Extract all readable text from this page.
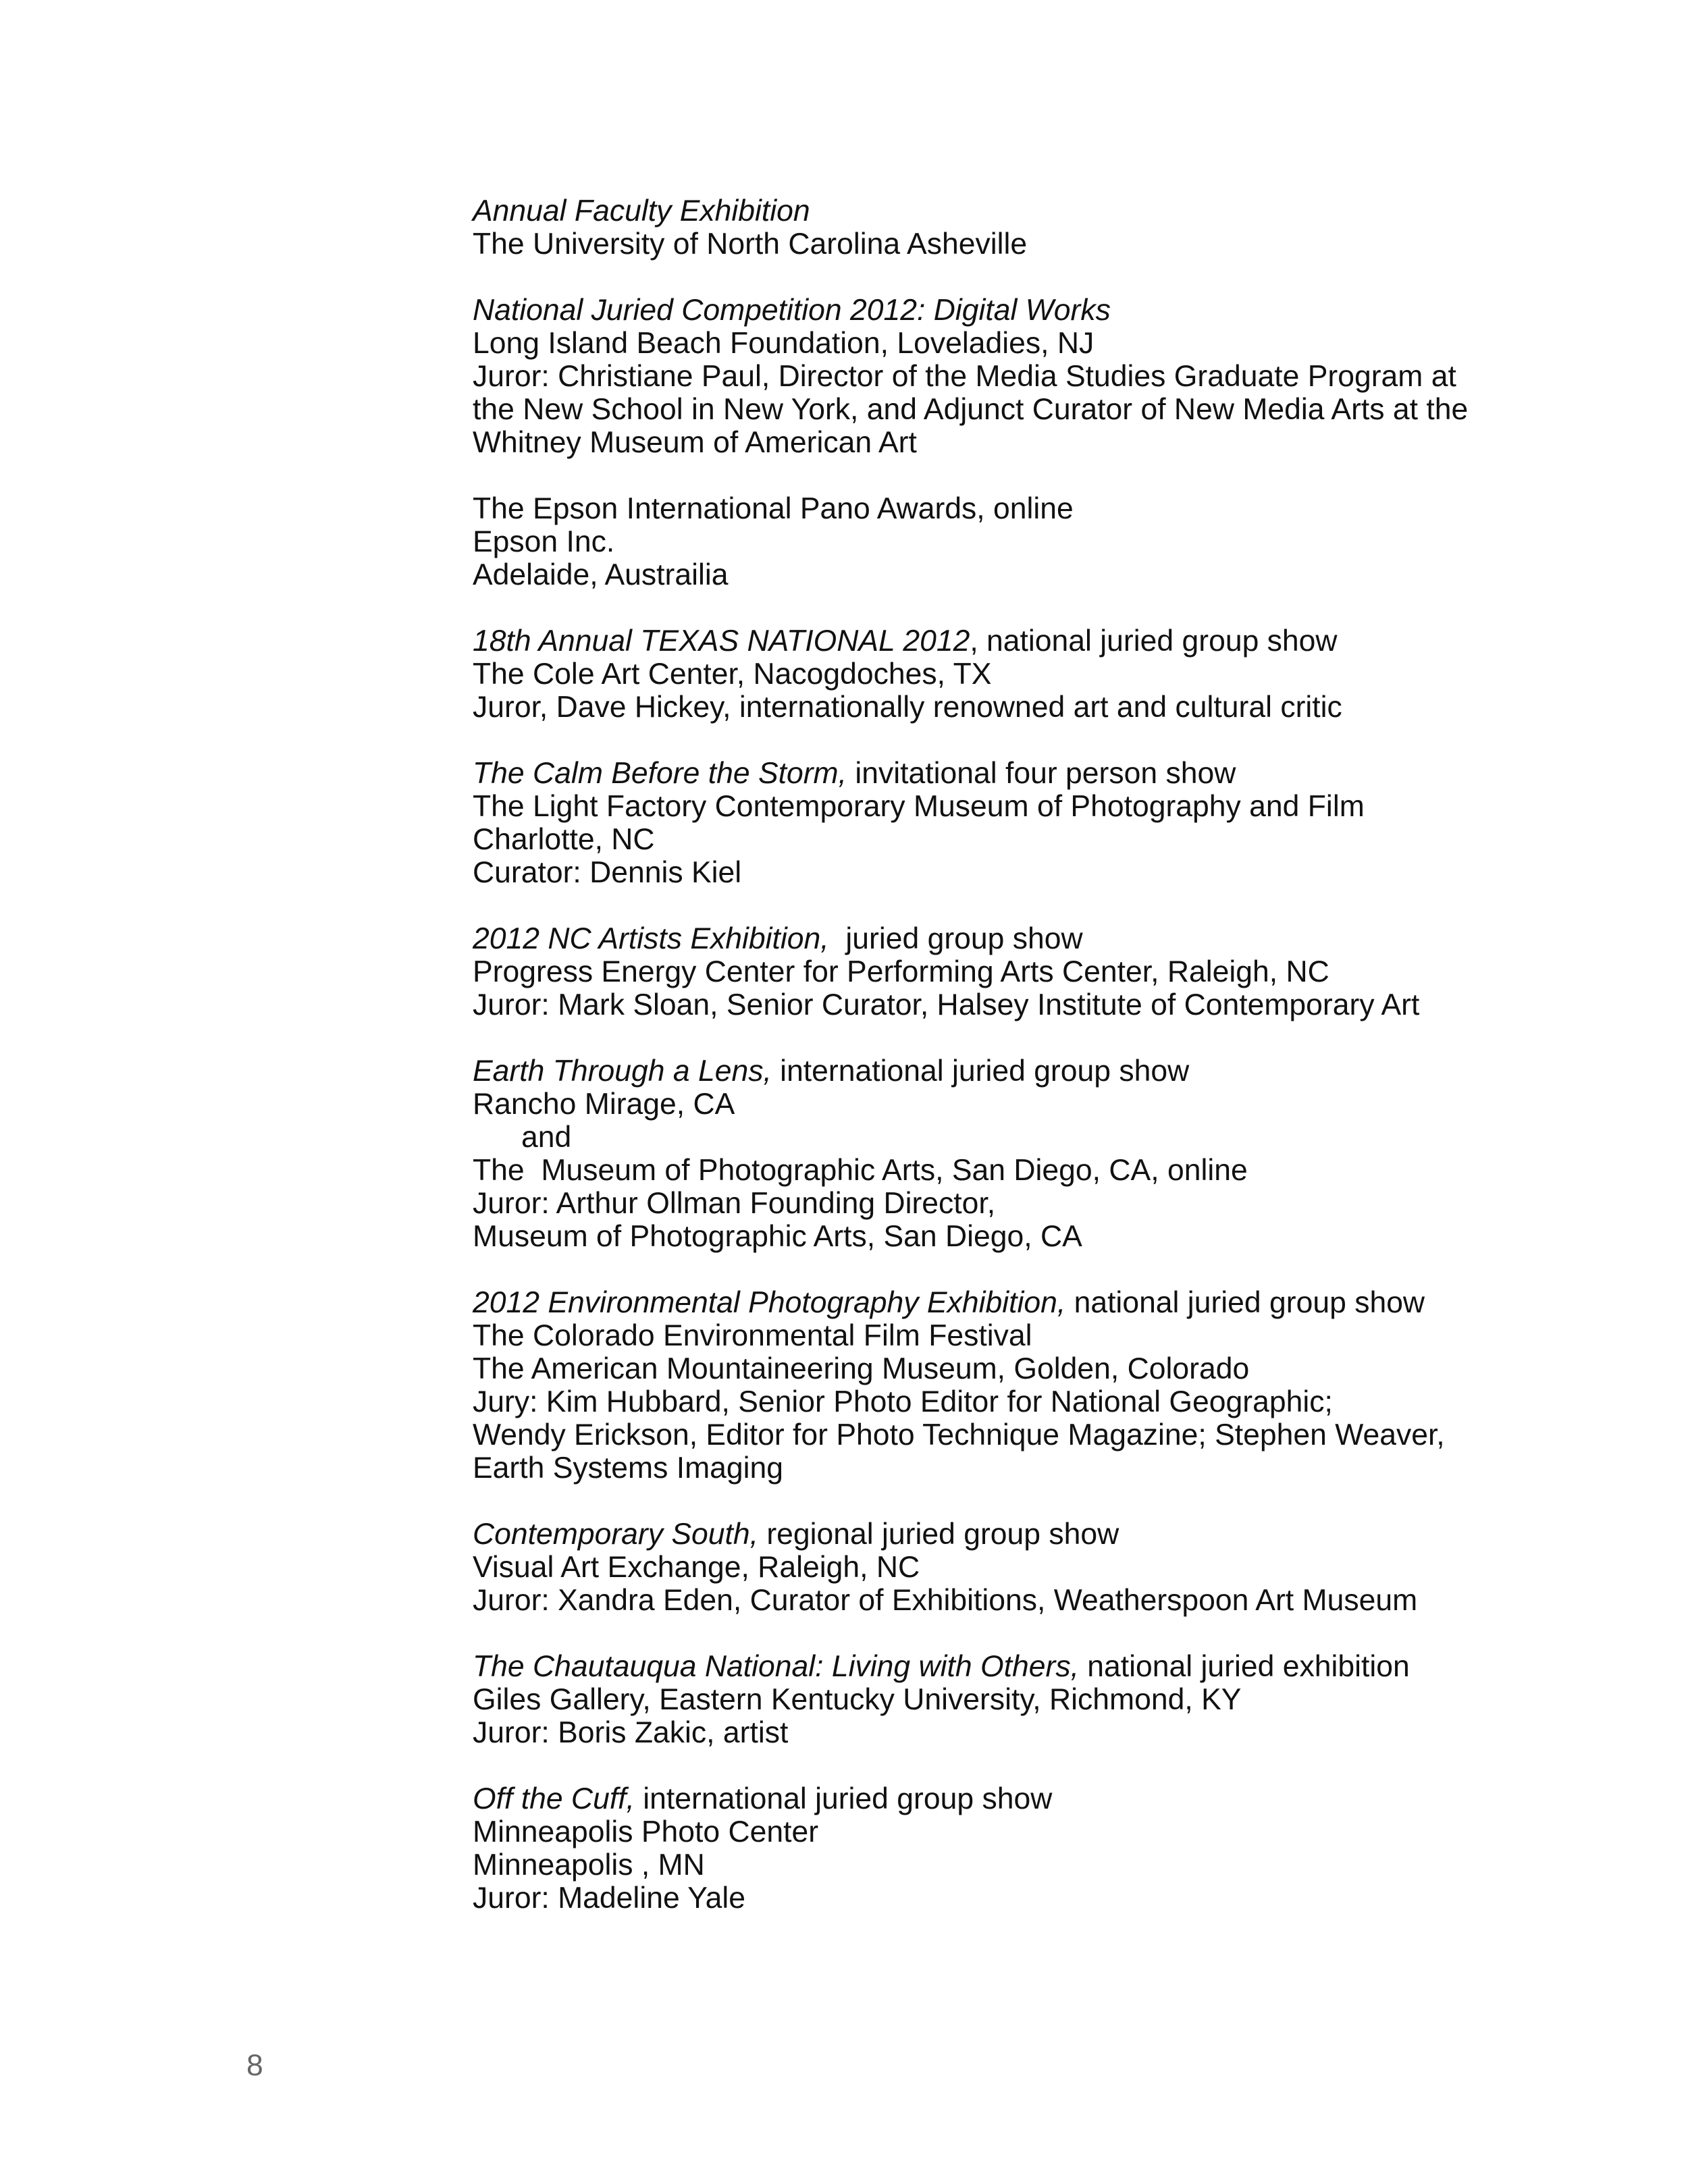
Annual Faculty Exhibition
The University of North Carolina Asheville
National Juried Competition 2012: Digital Works
Long Island Beach Foundation, Loveladies, NJ
Juror: Christiane Paul, Director of the Media Studies Graduate Program at
the New School in New York, and Adjunct Curator of New Media Arts at the
Whitney Museum of American Art
The Epson International Pano Awards, online
Epson Inc.
Adelaide, Austrailia
18th Annual TEXAS NATIONAL 2012, national juried group show
The Cole Art Center, Nacogdoches, TX
Juror, Dave Hickey, internationally renowned art and cultural critic
The Calm Before the Storm, invitational four person show
The Light Factory Contemporary Museum of Photography and Film
Charlotte, NC
Curator: Dennis Kiel
2012 NC Artists Exhibition,  juried group show
Progress Energy Center for Performing Arts Center, Raleigh, NC
Juror: Mark Sloan, Senior Curator, Halsey Institute of Contemporary Art
Earth Through a Lens, international juried group show
Rancho Mirage, CA
and
The  Museum of Photographic Arts, San Diego, CA, online
Juror: Arthur Ollman Founding Director,
Museum of Photographic Arts, San Diego, CA
2012 Environmental Photography Exhibition, national juried group show
The Colorado Environmental Film Festival
The American Mountaineering Museum, Golden, Colorado
Jury: Kim Hubbard, Senior Photo Editor for National Geographic;
Wendy Erickson, Editor for Photo Technique Magazine; Stephen Weaver,
Earth Systems Imaging
Contemporary South, regional juried group show
Visual Art Exchange, Raleigh, NC
Juror: Xandra Eden, Curator of Exhibitions, Weatherspoon Art Museum
The Chautauqua National: Living with Others, national juried exhibition
Giles Gallery, Eastern Kentucky University, Richmond, KY
Juror: Boris Zakic, artist
Off the Cuff, international juried group show
Minneapolis Photo Center
Minneapolis , MN
Juror: Madeline Yale
8
